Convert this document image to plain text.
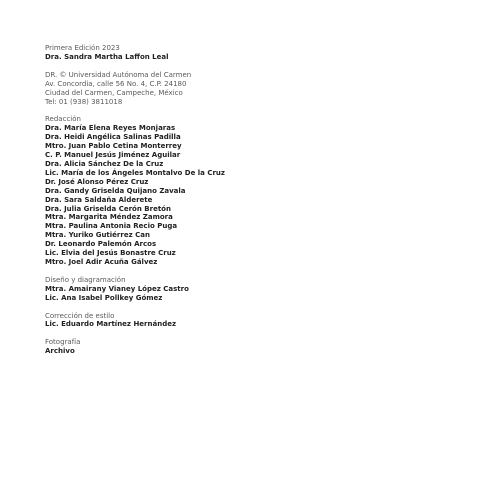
Primera Edición 2023

Dra. Sandra Martha Laffon Leal

DR. © Universidad Autónoma del Carmen

Av. Concordia, calle 56 No. 4, C.P. 24180

Ciudad del Carmen, Campeche, México

Tel: 01 (938) 3811018

Redacción

Dra. María Elena Reyes Monjaras

Dra. Heidi Angélica Salinas Padilla

Mtro. Juan Pablo Cetina Monterrey

C. P. Manuel Jesús Jiménez Aguilar

Dra. Alicia Sánchez De la Cruz

Lic. María de los Ángeles Montalvo De la Cruz

Dr. José Alonso Pérez Cruz

Dra. Gandy Griselda Quijano Zavala

Dra. Sara Saldaña Alderete

Dra. Julia Griselda Cerón Bretón

Mtra. Margarita Méndez Zamora

Mtra. Paulina Antonia Recio Puga

Mtra. Yuriko Gutiérrez Can

Dr. Leonardo Palemón Arcos

Lic. Elvia del Jesús Bonastre Cruz

Mtro. Joel Adir Acuña Gálvez

Diseño y diagramación

Mtra. Amairany Vianey López Castro

Lic. Ana Isabel Pollkey Gómez

Corrección de estilo

Lic. Eduardo Martínez Hernández

Fotografía

Archivo
